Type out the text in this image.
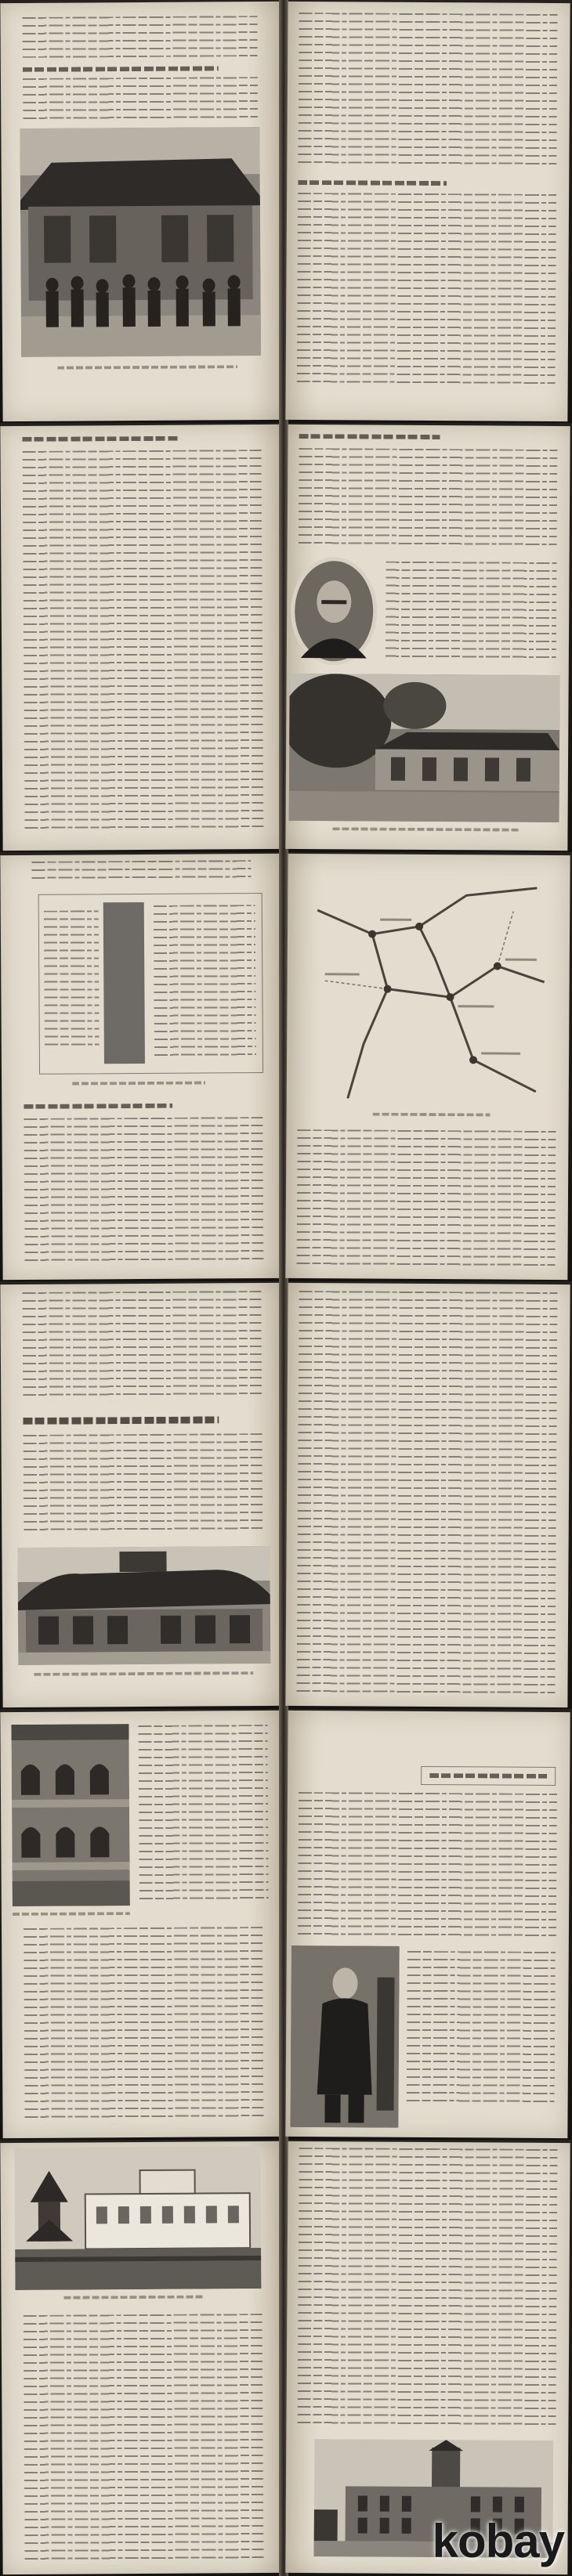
kobay
